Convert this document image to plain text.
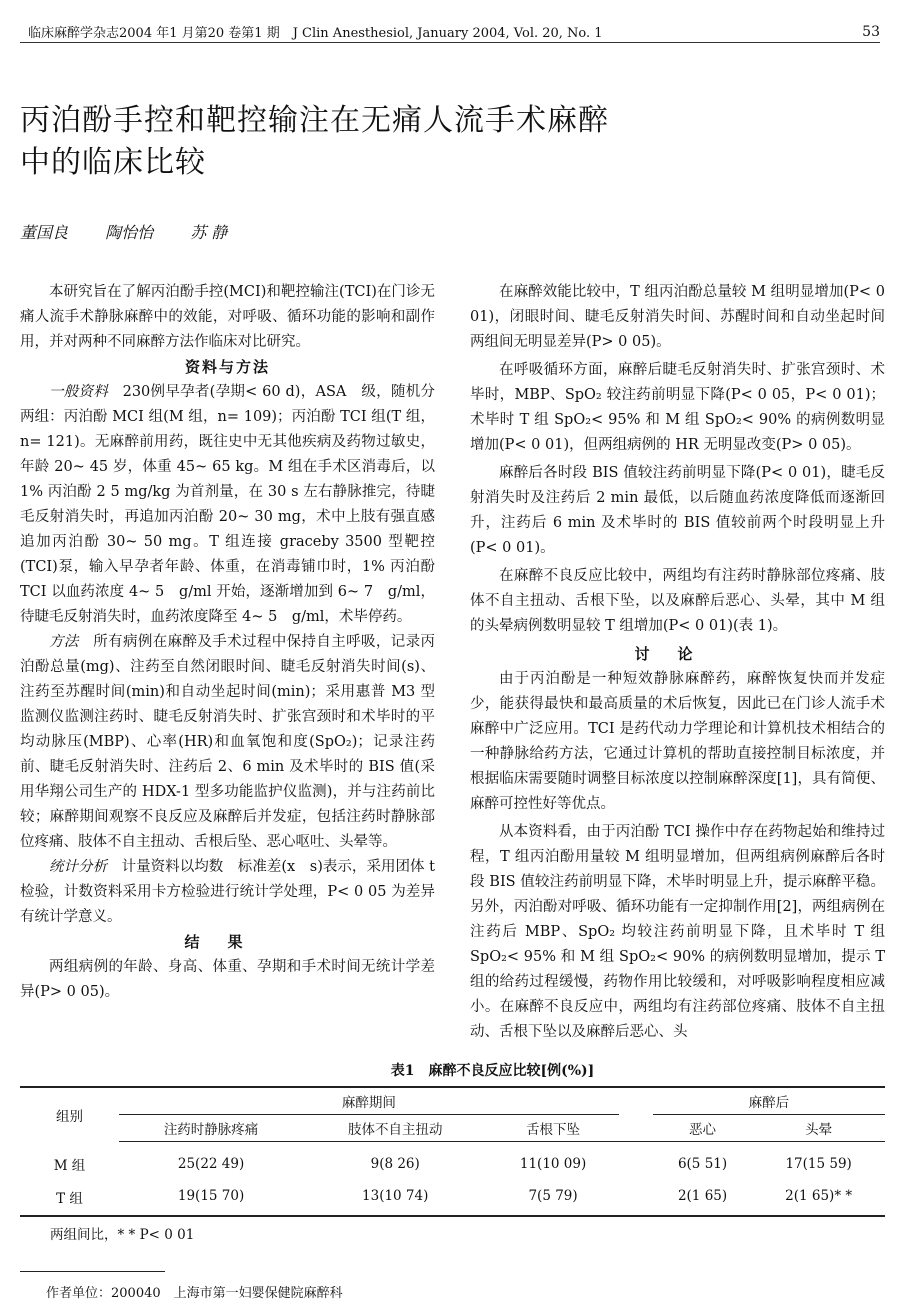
临床麻醉学杂志2004 年1 月第20 卷第1 期　J Clin Anesthesiol, January 2004, Vol. 20, No. 1	53
丙泊酚手控和靶控输注在无痛人流手术麻醉
中的临床比较
董国良 陶怡怡 苏 静

本研究旨在了解丙泊酚手控(MCI)和靶控输注(TCI)在门诊无痛人流手术静脉麻醉中的效能，对呼吸、循环功能的影响和副作用，并对两种不同麻醉方法作临床对比研究。

资料与方法

一般资料 230例早孕者(孕期< 60 d)，ASA　级，随机分两组：丙泊酚 MCI 组(M 组，n= 109)；丙泊酚 TCI 组(T 组，n= 121)。无麻醉前用药，既往史中无其他疾病及药物过敏史，年龄 20~ 45 岁，体重 45~ 65 kg。M 组在手术区消毒后，以1% 丙泊酚 2 5 mg/kg 为首剂量，在 30 s 左右静脉推完，待睫毛反射消失时，再追加丙泊酚 20~ 30 mg，术中上肢有强直感追加丙泊酚 30~ 50 mg。T 组连接 graceby 3500 型靶控(TCI)泵，输入早孕者年龄、体重，在消毒铺巾时，1% 丙泊酚 TCI 以血药浓度 4~ 5　g/ml 开始，逐渐增加到 6~ 7　g/ml，待睫毛反射消失时，血药浓度降至 4~ 5　g/ml，术毕停药。

方法 所有病例在麻醉及手术过程中保持自主呼吸，记录丙泊酚总量(mg)、注药至自然闭眼时间、睫毛反射消失时间(s)、注药至苏醒时间(min)和自动坐起时间(min)；采用惠普 M3 型监测仪监测注药时、睫毛反射消失时、扩张宫颈时和术毕时的平均动脉压(MBP)、心率(HR)和血氧饱和度(SpO₂)；记录注药前、睫毛反射消失时、注药后 2、6 min 及术毕时的 BIS 值(采用华翔公司生产的 HDX-1 型多功能监护仪监测)，并与注药前比较；麻醉期间观察不良反应及麻醉后并发症，包括注药时静脉部位疼痛、肢体不自主扭动、舌根后坠、恶心呕吐、头晕等。

统计分析 计量资料以均数　标准差(x　s)表示，采用团体 t 检验，计数资料采用卡方检验进行统计学处理，P< 0 05 为差异有统计学意义。

结果

两组病例的年龄、身高、体重、孕期和手术时间无统计学差异(P> 0 05)。

在麻醉效能比较中，T 组丙泊酚总量较 M 组明显增加(P< 0 01)，闭眼时间、睫毛反射消失时间、苏醒时间和自动坐起时间两组间无明显差异(P> 0 05)。

在呼吸循环方面，麻醉后睫毛反射消失时、扩张宫颈时、术毕时，MBP、SpO₂ 较注药前明显下降(P< 0 05，P< 0 01)；术毕时 T 组 SpO₂< 95% 和 M 组 SpO₂< 90% 的病例数明显增加(P< 0 01)，但两组病例的 HR 无明显改变(P> 0 05)。

麻醉后各时段 BIS 值较注药前明显下降(P< 0 01)，睫毛反射消失时及注药后 2 min 最低，以后随血药浓度降低而逐渐回升，注药后 6 min 及术毕时的 BIS 值较前两个时段明显上升(P< 0 01)。

在麻醉不良反应比较中，两组均有注药时静脉部位疼痛、肢体不自主扭动、舌根下坠，以及麻醉后恶心、头晕，其中 M 组的头晕病例数明显较 T 组增加(P< 0 01)(表 1)。

讨论

由于丙泊酚是一种短效静脉麻醉药，麻醉恢复快而并发症少，能获得最快和最高质量的术后恢复，因此已在门诊人流手术麻醉中广泛应用。TCI 是药代动力学理论和计算机技术相结合的一种静脉给药方法，它通过计算机的帮助直接控制目标浓度，并根据临床需要随时调整目标浓度以控制麻醉深度[1]，具有简便、麻醉可控性好等优点。

从本资料看，由于丙泊酚 TCI 操作中存在药物起始和维持过程，T 组丙泊酚用量较 M 组明显增加，但两组病例麻醉后各时段 BIS 值较注药前明显下降，术毕时明显上升，提示麻醉平稳。另外，丙泊酚对呼吸、循环功能有一定抑制作用[2]，两组病例在注药后 MBP、SpO₂ 均较注药前明显下降，且术毕时 T 组 SpO₂< 95% 和 M 组 SpO₂< 90% 的病例数明显增加，提示 T 组的给药过程缓慢，药物作用比较缓和，对呼吸影响程度相应减小。在麻醉不良反应中，两组均有注药部位疼痛、肢体不自主扭动、舌根下坠以及麻醉后恶心、头

表1　麻醉不良反应比较[例(%)]
组别	麻醉期间				麻醉后	
	注药时静脉疼痛	肢体不自主扭动	舌根下坠		恶心	头晕
M 组	25(22 49)	9(8 26)	11(10 09)		6(5 51)	17(15 59)
T 组	19(15 70)	13(10 74)	7(5 79)		2(1 65)	2(1 65)* *
两组间比，* * P< 0 01
作者单位：200040　上海市第一妇婴保健院麻醉科
